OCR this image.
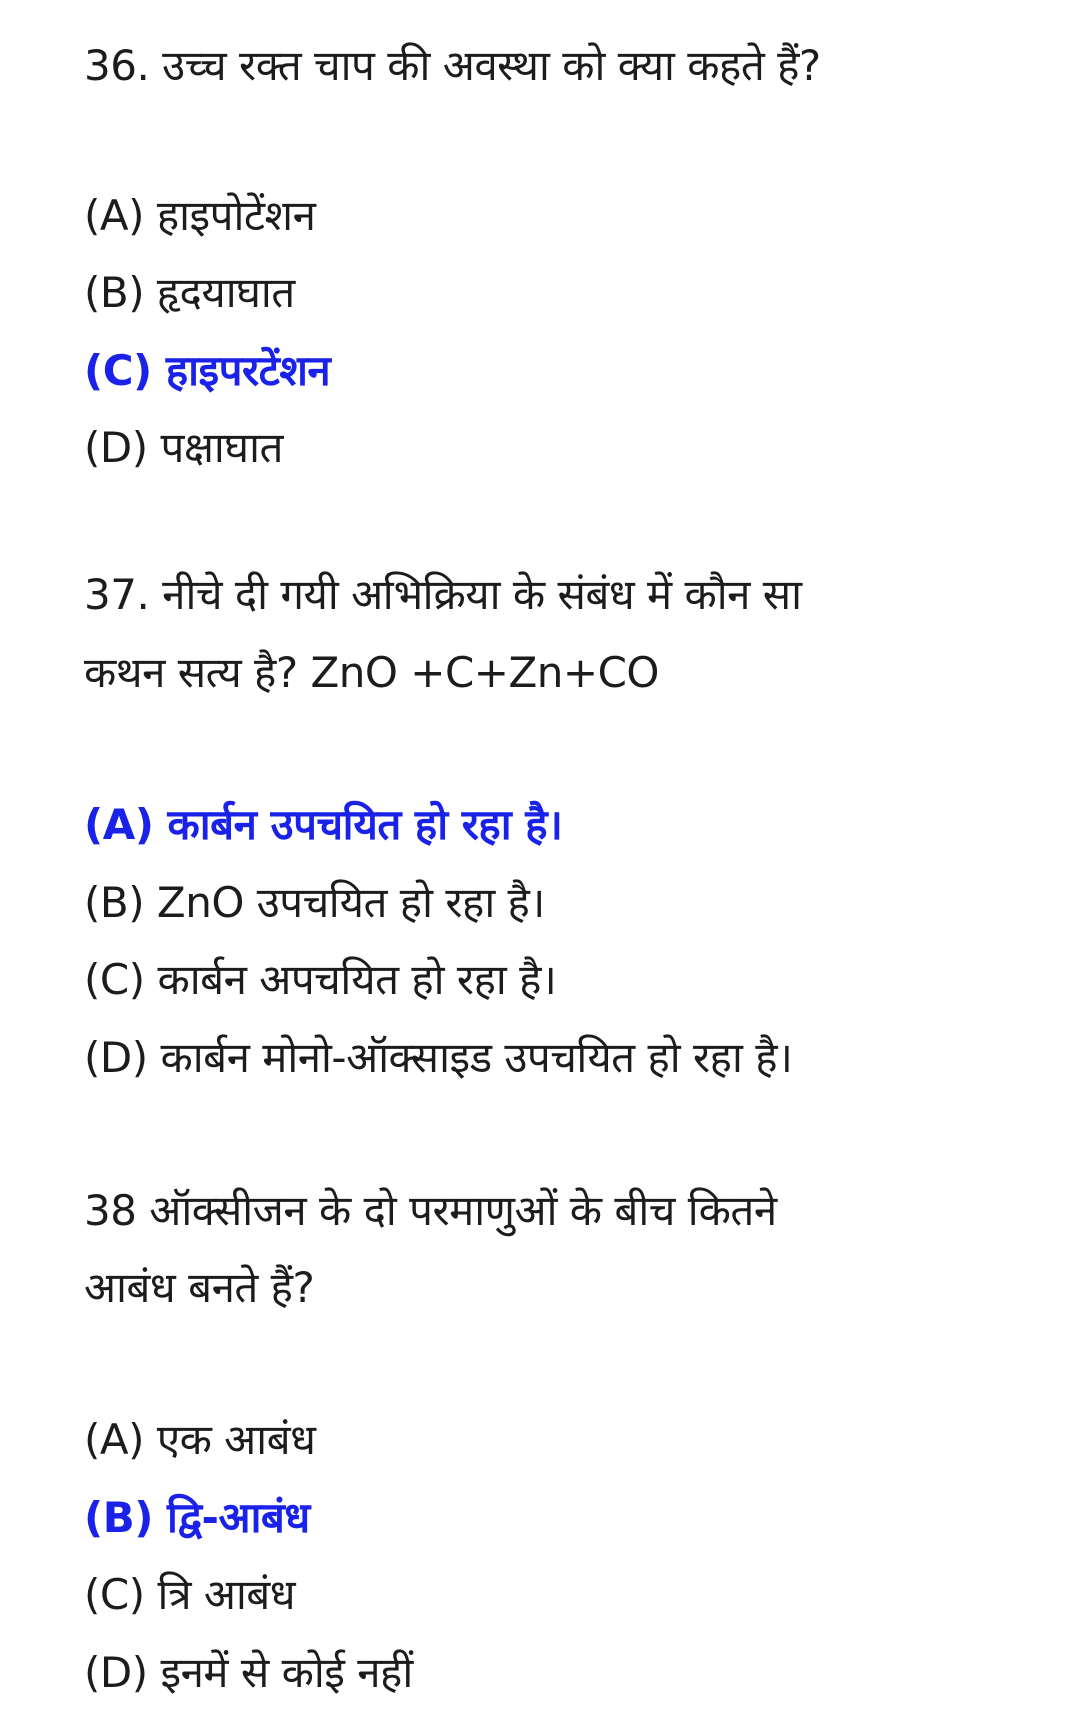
36. उच्च रक्त चाप की अवस्था को क्या कहते हैं?
(A) हाइपोटेंशन
(B) हृदयाघात
(C) हाइपरटेंशन
(D) पक्षाघात
37. नीचे दी गयी अभिक्रिया के संबंध में कौन सा
कथन सत्य है? ZnO +C+Zn+CO
(A) कार्बन उपचयित हो रहा है।
(B) ZnO उपचयित हो रहा है।
(C) कार्बन अपचयित हो रहा है।
(D) कार्बन मोनो-ऑक्साइड उपचयित हो रहा है।
38 ऑक्सीजन के दो परमाणुओं के बीच कितने
आबंध बनते हैं?
(A) एक आबंध
(B) द्वि-आबंध
(C) त्रि आबंध
(D) इनमें से कोई नहीं
